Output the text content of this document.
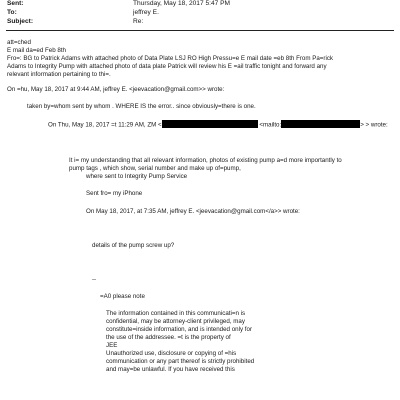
Sent:	Thursday, May 18, 2017 5:47 PM
To:	jeffrey E.
Subject:	Re:
att=ched
E mail da=ed Feb 8th
Fro=: BG to Patrick Adams with attached photo of Data Plate LSJ RO High Pressu=e E mail date =eb 8th From Pa=rick
Adams to Integrity Pump with attached photo of data plate Patrick will review his E =ail traffic tonight and forward any
relevant information pertaining to thi=.
On =hu, May 18, 2017 at 9:44 AM, jeffrey E. <jeevacation@gmail.com>> wrote:
taken by=whom sent by whom . WHERE IS the error.. since obviously=there is one.
On Thu, May 18, 2017 =t 11:29 AM, ZM <	<mailto:	> > wrote:
It i= my understanding that all relevant information, photos of existing pump a=d more importantly to
pump tags , which show, serial number and make up of=pump,
where sent to Integrity Pump Service
Sent fro= my iPhone
On May 18, 2017, at 7:35 AM, jeffrey E. <jeevacation@gmail.com</a>> wrote:
details of the pump screw up?
--
=A0 please note
The information contained in this communicati=n is
confidential, may be attorney-client privileged, may
constitute=inside information, and is intended only for
the use of the addressee. =t is the property of
JEE
Unauthorized use, disclosure or copying of =his
communication or any part thereof is strictly prohibited
and may=be unlawful. If you have received this
